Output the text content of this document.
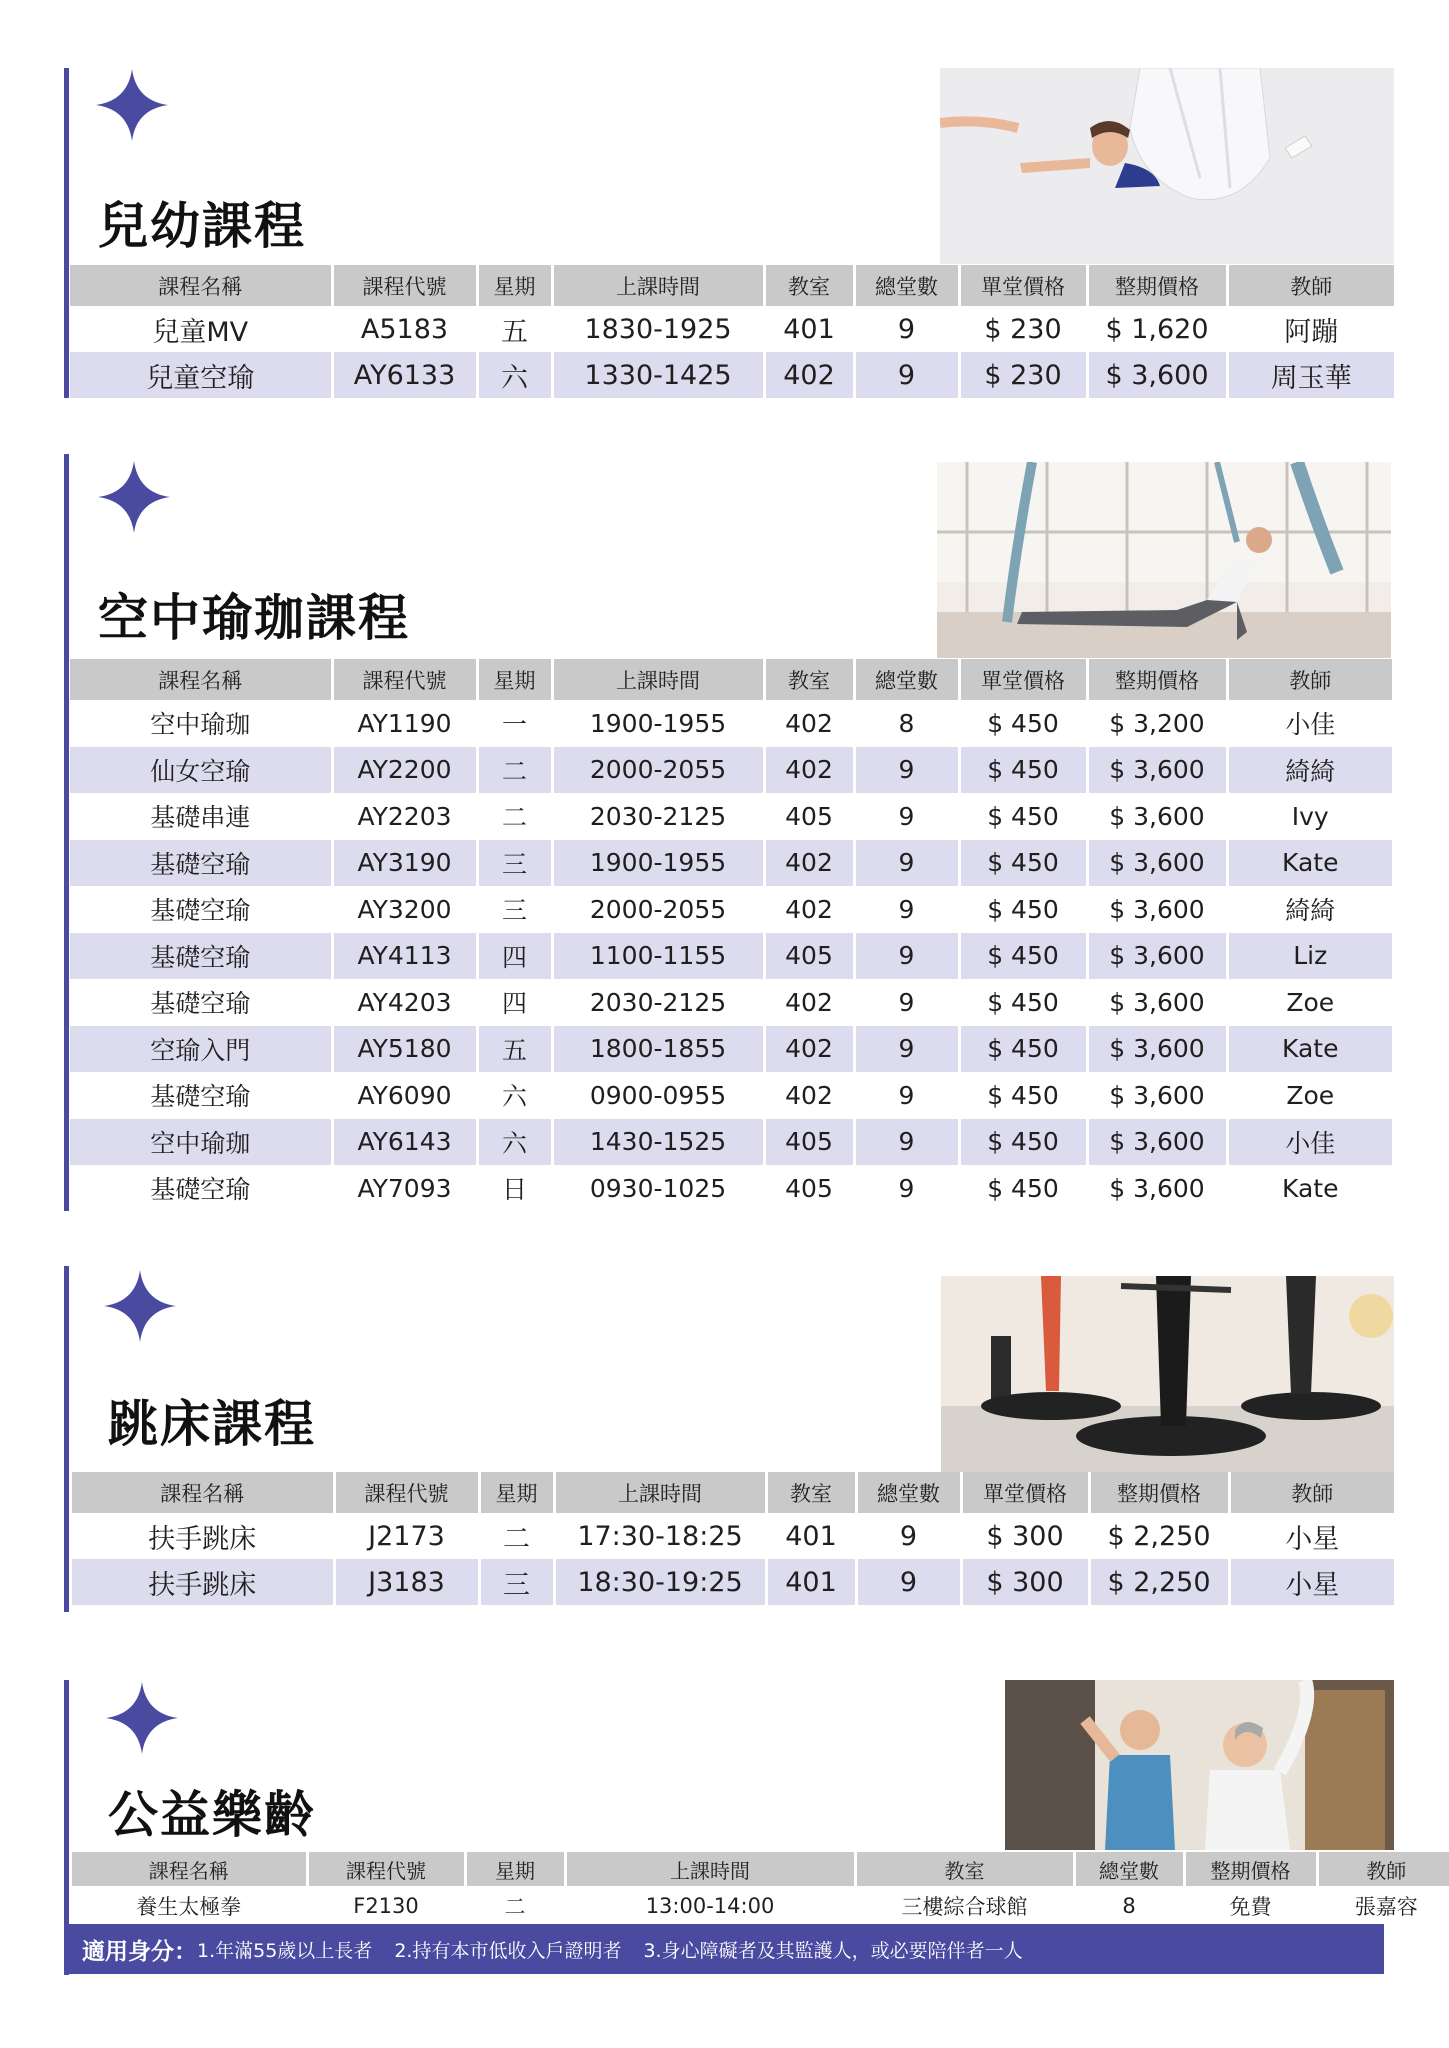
兒幼課程
課程名稱	課程代號	星期	上課時間	教室	總堂數	單堂價格	整期價格	教師
兒童MV	A5183	五	1830-1925	401	9	$ 230	$ 1,620	阿蹦
兒童空瑜	AY6133	六	1330-1425	402	9	$ 230	$ 3,600	周玉華
空中瑜珈課程
課程名稱	課程代號	星期	上課時間	教室	總堂數	單堂價格	整期價格	教師
空中瑜珈	AY1190	一	1900-1955	402	8	$ 450	$ 3,200	小佳
仙女空瑜	AY2200	二	2000-2055	402	9	$ 450	$ 3,600	綺綺
基礎串連	AY2203	二	2030-2125	405	9	$ 450	$ 3,600	Ivy
基礎空瑜	AY3190	三	1900-1955	402	9	$ 450	$ 3,600	Kate
基礎空瑜	AY3200	三	2000-2055	402	9	$ 450	$ 3,600	綺綺
基礎空瑜	AY4113	四	1100-1155	405	9	$ 450	$ 3,600	Liz
基礎空瑜	AY4203	四	2030-2125	402	9	$ 450	$ 3,600	Zoe
空瑜入門	AY5180	五	1800-1855	402	9	$ 450	$ 3,600	Kate
基礎空瑜	AY6090	六	0900-0955	402	9	$ 450	$ 3,600	Zoe
空中瑜珈	AY6143	六	1430-1525	405	9	$ 450	$ 3,600	小佳
基礎空瑜	AY7093	日	0930-1025	405	9	$ 450	$ 3,600	Kate
跳床課程
課程名稱	課程代號	星期	上課時間	教室	總堂數	單堂價格	整期價格	教師
扶手跳床	J2173	二	17:30-18:25	401	9	$ 300	$ 2,250	小星
扶手跳床	J3183	三	18:30-19:25	401	9	$ 300	$ 2,250	小星
公益樂齡
課程名稱	課程代號	星期	上課時間	教室	總堂數	整期價格	教師
養生太極拳	F2130	二	13:00-14:00	三樓綜合球館	8	免費	張嘉容
適用身分： 1.年滿55歲以上長者 2.持有本市低收入戶證明者 3.身心障礙者及其監護人，或必要陪伴者一人
